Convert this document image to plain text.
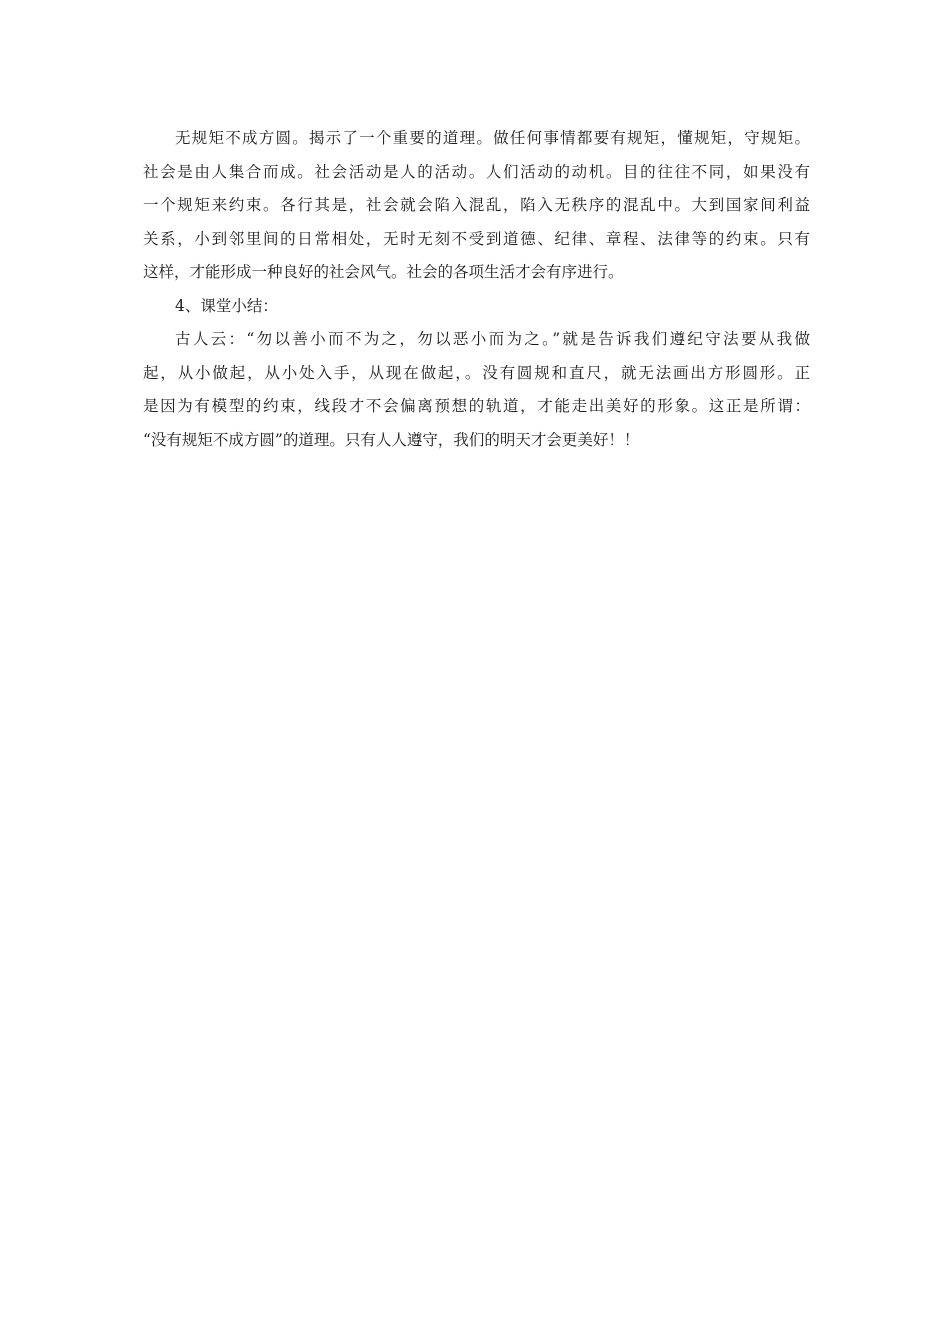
无规矩不成方圆。揭示了一个重要的道理。做任何事情都要有规矩，懂规矩，守规矩。
社会是由人集合而成。社会活动是人的活动。人们活动的动机。目的往往不同，如果没有
一个规矩来约束。各行其是，社会就会陷入混乱，陷入无秩序的混乱中。大到国家间利益
关系，小到邻里间的日常相处，无时无刻不受到道德、纪律、章程、法律等的约束。只有
这样，才能形成一种良好的社会风气。社会的各项生活才会有序进行。
4、课堂小结：
古人云：“勿以善小而不为之，勿以恶小而为之。”就是告诉我们遵纪守法要从我做
起，从小做起，从小处入手，从现在做起，。没有圆规和直尺，就无法画出方形圆形。正
是因为有模型的约束，线段才不会偏离预想的轨道，才能走出美好的形象。这正是所谓：
“没有规矩不成方圆”的道理。只有人人遵守，我们的明天才会更美好！！
